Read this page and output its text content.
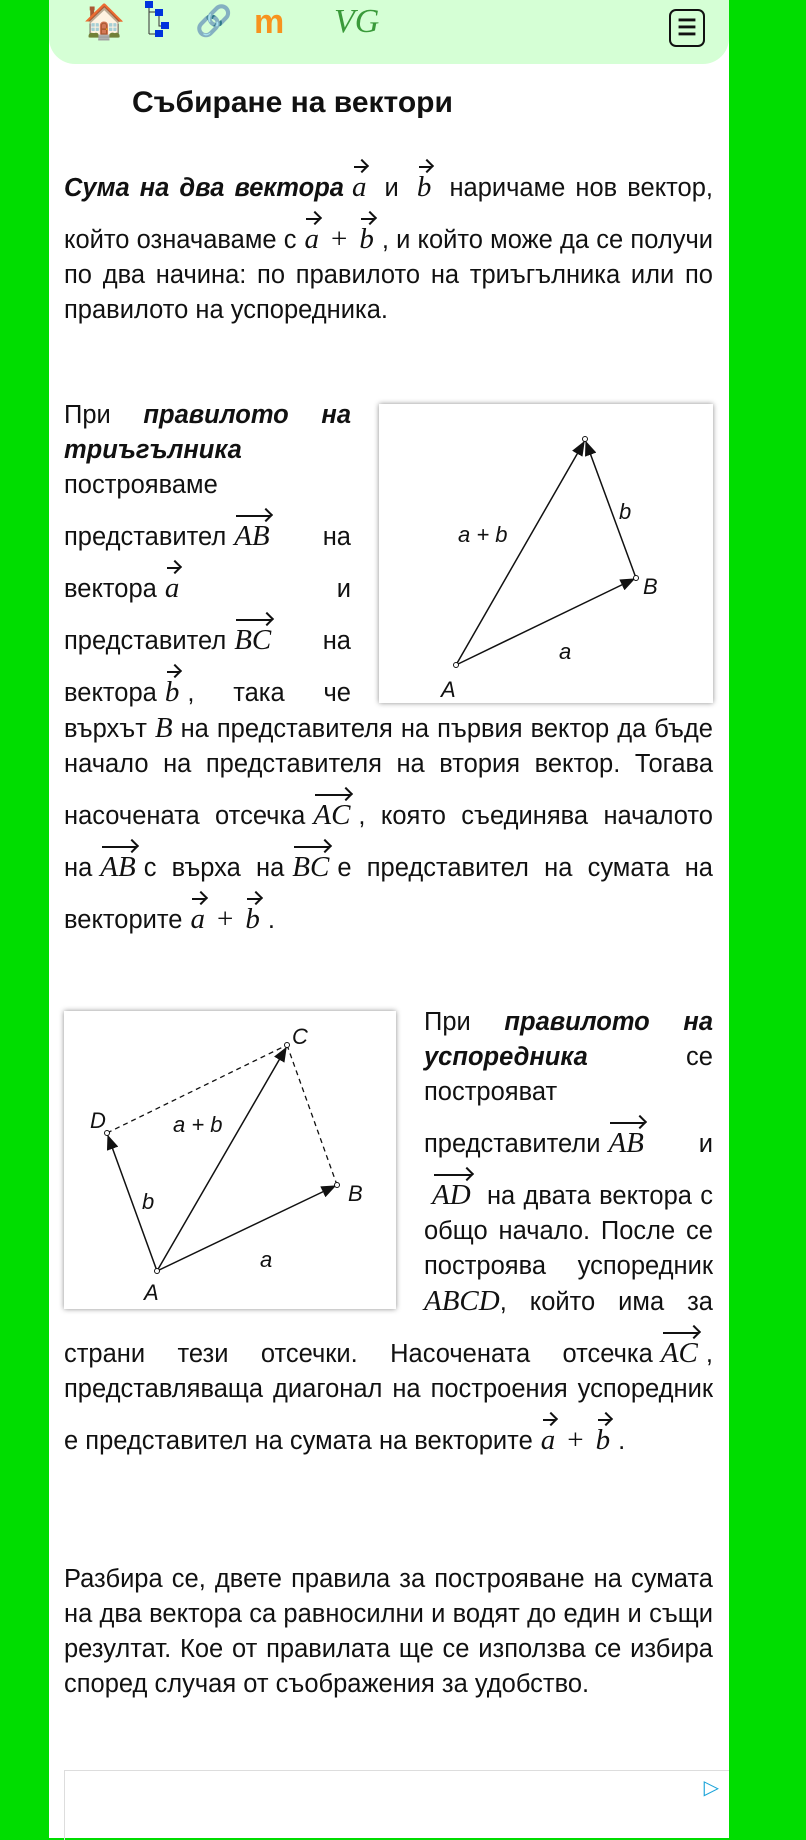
🏠 🔗 m VG	☰
Събиране на вектори
Сума на два вектора a и b наричаме нов вектор, който означаваме с a + b , и който може да се получи по два начина: по правилото на триъгълника или по правилото на успоредника.
a + b
b
a
B
A
При правилото на триъгълника построяваме представител AB на вектора a и представител BC на вектора b , така че върхът B на представителя на първия вектор да бъде начало на представителя на втория вектор. Тогава насочената отсечка AC , която съединява началото на AB с върха на BC е представител на сумата на векторите a + b .
C
D	a + b
b	B
a
A
При правилото на успоредника се построяват представители AB иAD на двата вектора с общо начало. После се построява успоредник ABCD, който има за страни тези отсечки. Насочената отсечка AC , представляваща диагонал на построения успоредник е представител на сумата на векторите a + b .
Разбира се, двете правила за построяване на сумата на два вектора са равносилни и водят до един и същи резултат. Кое от правилата ще се използва се избира според случая от съображения за удобство.
▷
